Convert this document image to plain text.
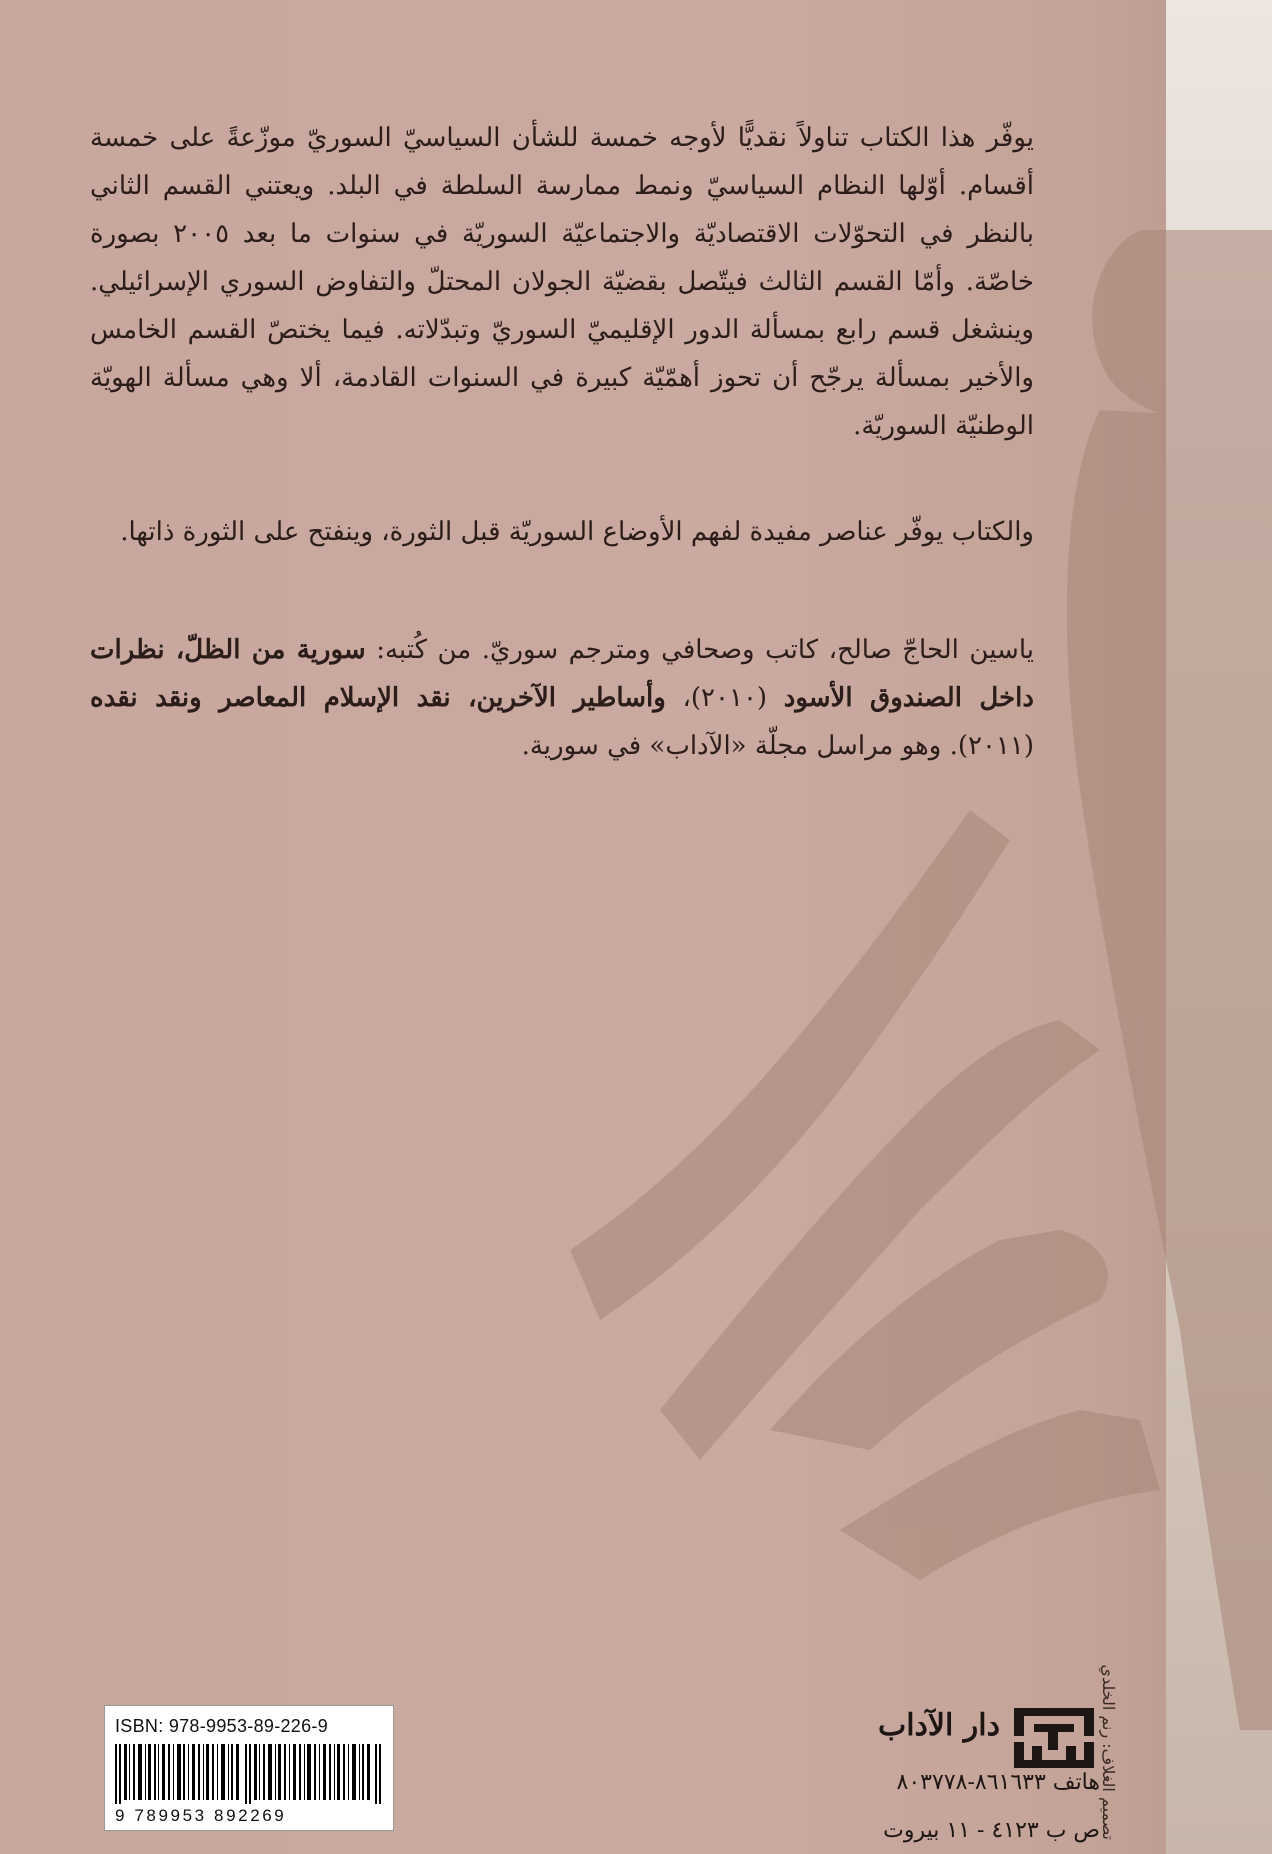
يوفّر هذا الكتاب تناولاً نقديًّا لأوجه خمسة للشأن السياسيّ السوريّ موزّعةً على خمسة أقسام. أوّلها النظام السياسيّ ونمط ممارسة السلطة في البلد. ويعتني القسم الثاني بالنظر في التحوّلات الاقتصاديّة والاجتماعيّة السوريّة في سنوات ما بعد ٢٠٠٥ بصورة خاصّة. وأمّا القسم الثالث فيتّصل بقضيّة الجولان المحتلّ والتفاوض السوري الإسرائيلي. وينشغل قسم رابع بمسألة الدور الإقليميّ السوريّ وتبدّلاته. فيما يختصّ القسم الخامس والأخير بمسألة يرجّح أن تحوز أهمّيّة كبيرة في السنوات القادمة، ألا وهي مسألة الهويّة الوطنيّة السوريّة.

والكتاب يوفّر عناصر مفيدة لفهم الأوضاع السوريّة قبل الثورة، وينفتح على الثورة ذاتها.

ياسين الحاجّ صالح، كاتب وصحافي ومترجم سوريّ. من كُتبه: سورية من الظلّ، نظرات داخل الصندوق الأسود (٢٠١٠)، وأساطير الآخرين، نقد الإسلام المعاصر ونقد نقده (٢٠١١). وهو مراسل مجلّة «الآداب» في سورية.

ISBN: 978-9953-89-226-9
9 789953 892269
دار الآداب
هاتف ٨٦١٦٣٣-٨٠٣٧٧٨
ص ب ٤١٢٣ - ١١ بيروت تصميم الغلاف: رنم الخلدي
